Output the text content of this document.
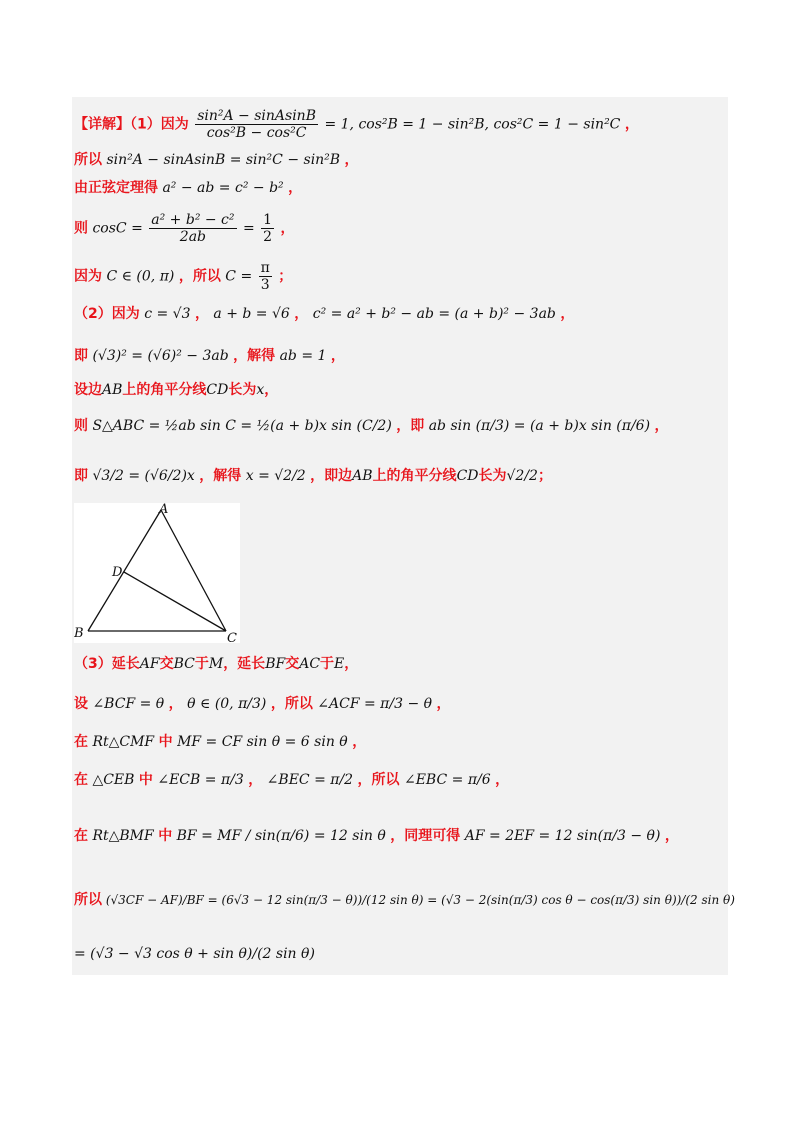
【详解】（1）因为 $\frac{\text{sin²A − sinAsinB}}{\text{cos²B − cos²C}} = 1$, cos²B = 1 − sin²B, cos²C = 1 − sin²C ，
所以 sin²A − sinAsinB = sin²C − sin²B ，
由正弦定理得 a² − ab = c² − b² ，
则 $\cos C = \frac{\text{a² + b² − c²}}{2ab} = \frac{1}{2}$ ，
因为 C ∈ (0, π) ，所以 $C = \frac{\pi}{3}$ ；
（2）因为 c = √3 ， a + b = √6 ， c² = a² + b² − ab = (a + b)² − 3ab ，
即 (√3)² = (√6)² − 3ab ，解得 ab = 1 ，
设边AB上的角平分线CD长为x，
则 S△ABC = ½ab sin C = ½(a + b)x sin (C/2) ，即 ab sin (π/3) = (a + b)x sin (π/6) ，
即 √3/2 = (√6/2)x ，解得 x = √2/2 ，即边AB上的角平分线CD长为√2/2；
A
B	C
D
（3）延长AF交BC于M，延长BF交AC于E，
设 ∠BCF = θ ， θ ∈ (0, π/3) ，所以 ∠ACF = π/3 − θ ，
在 Rt△CMF 中 MF = CF sin θ = 6 sin θ ，
在 △CEB 中 ∠ECB = π/3 ， ∠BEC = π/2 ，所以 ∠EBC = π/6 ，
在 Rt△BMF 中 BF = MF / sin(π/6) = 12 sin θ ，同理可得 AF = 2EF = 12 sin(π/3 − θ) ，
所以 (√3CF − AF)/BF = (6√3 − 12 sin(π/3 − θ))/(12 sin θ) = (√3 − 2(sin(π/3) cos θ − cos(π/3) sin θ))/(2 sin θ)
= (√3 − √3 cos θ + sin θ)/(2 sin θ)
